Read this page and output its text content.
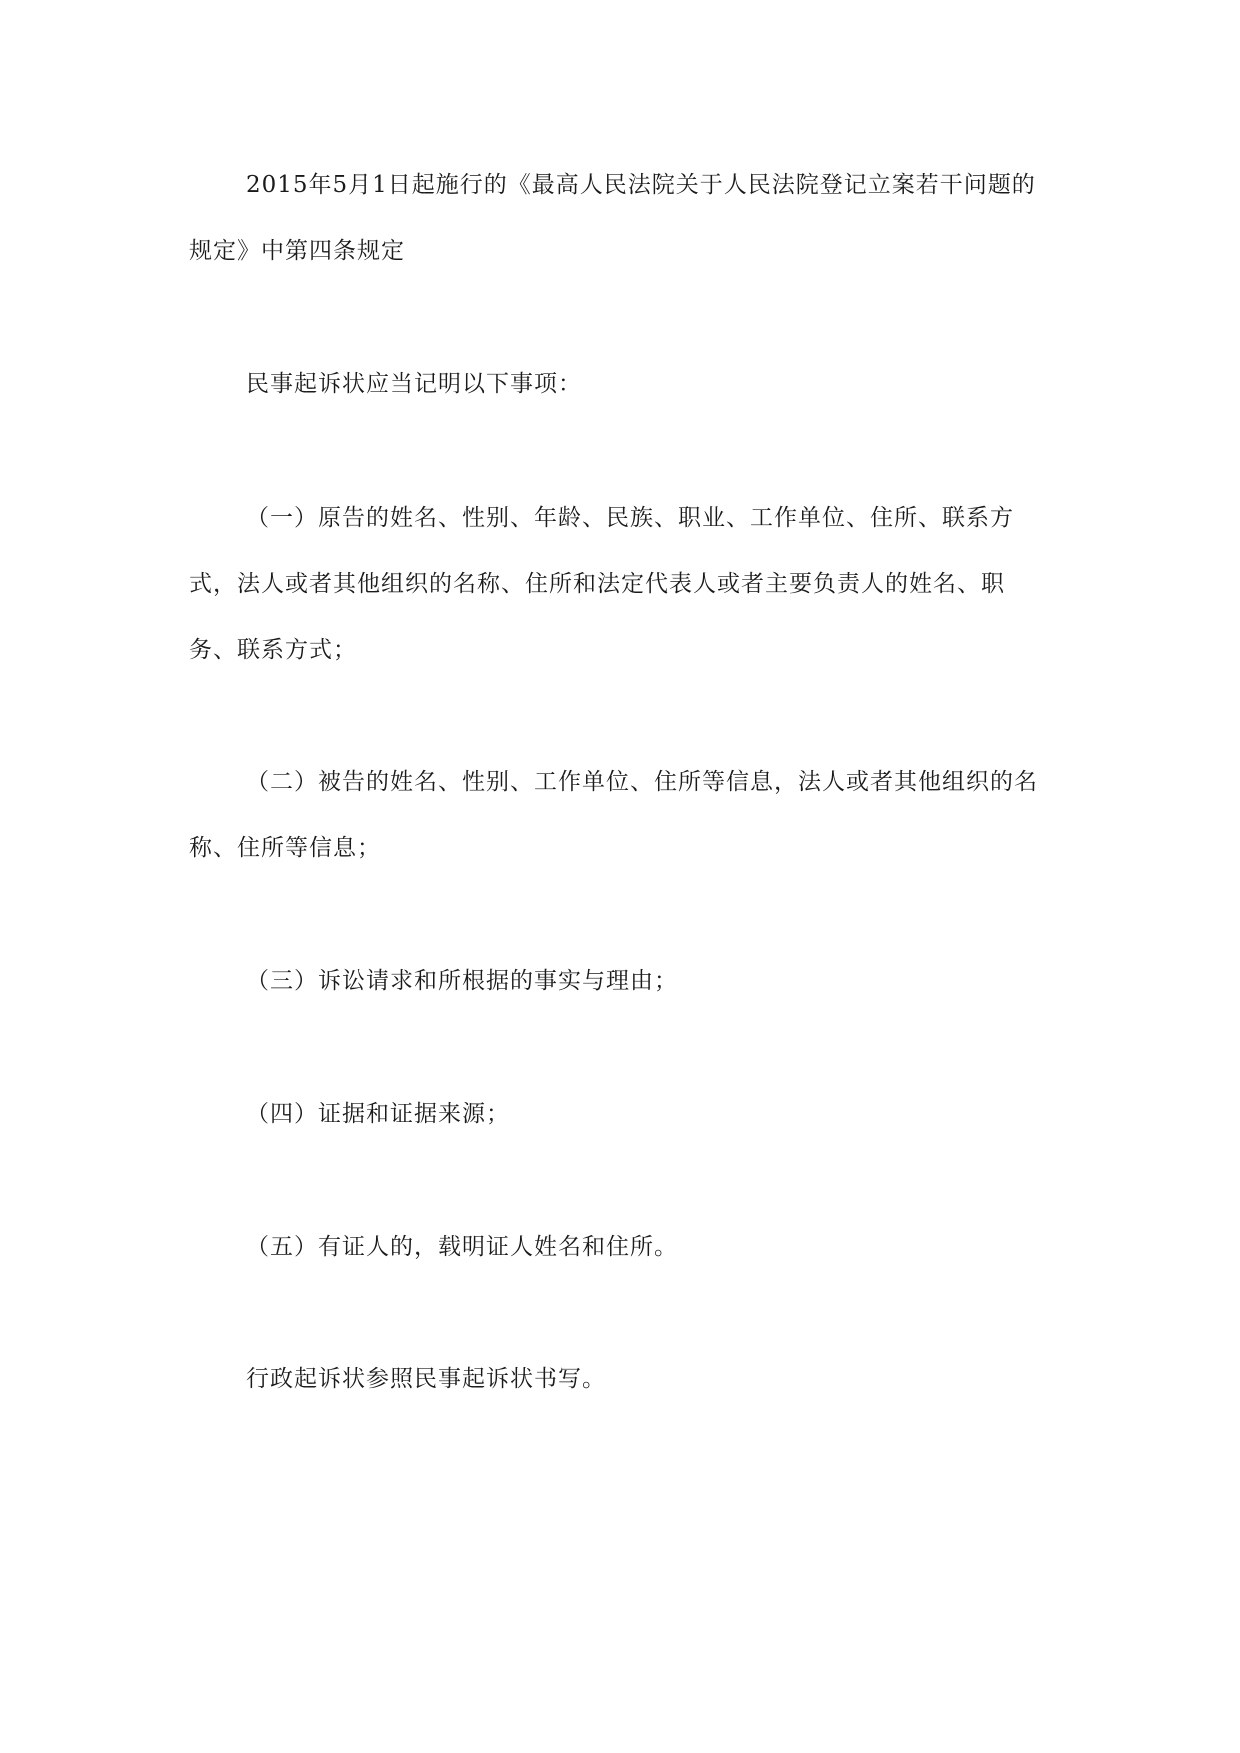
2015年5月1日起施行的《最高人民法院关于人民法院登记立案若干问题的规定》中第四条规定

民事起诉状应当记明以下事项：

（一）原告的姓名、性别、年龄、民族、职业、工作单位、住所、联系方式，法人或者其他组织的名称、住所和法定代表人或者主要负责人的姓名、职务、联系方式；

（二）被告的姓名、性别、工作单位、住所等信息，法人或者其他组织的名称、住所等信息；

（三）诉讼请求和所根据的事实与理由；

（四）证据和证据来源；

（五）有证人的，载明证人姓名和住所。

行政起诉状参照民事起诉状书写。
